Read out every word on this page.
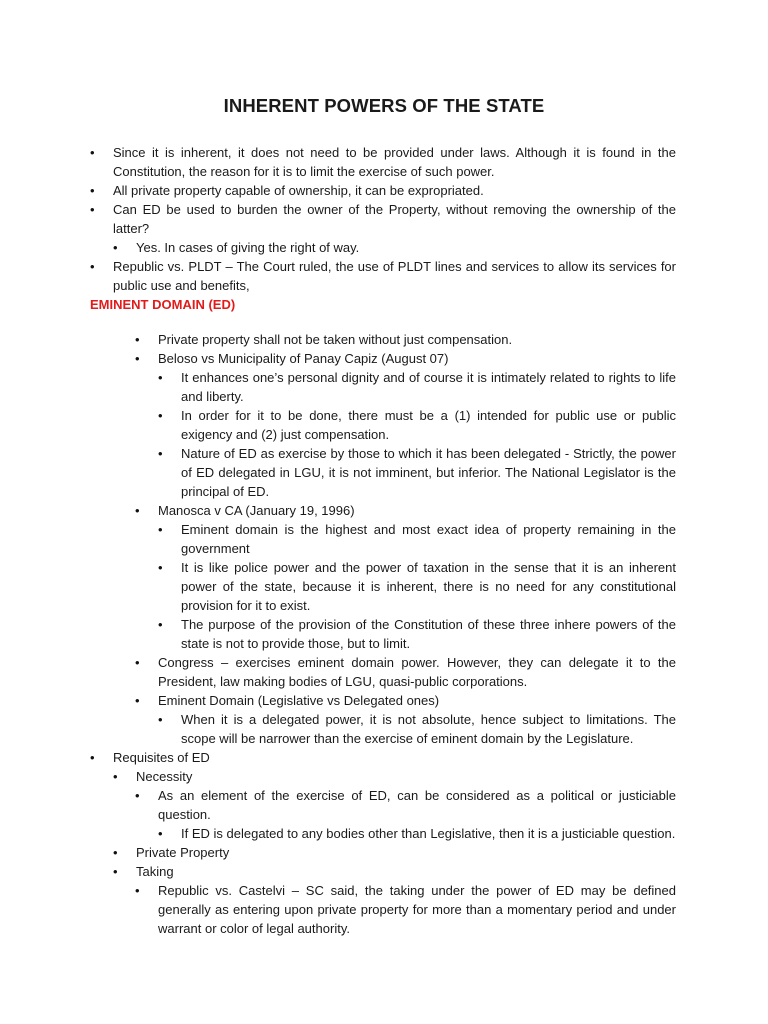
INHERENT POWERS OF THE STATE
• Since it is inherent, it does not need to be provided under laws. Although it is found in the Constitution, the reason for it is to limit the exercise of such power.
• All private property capable of ownership, it can be expropriated.
• Can ED be used to burden the owner of the Property, without removing the ownership of the latter?
• Yes. In cases of giving the right of way.
• Republic vs. PLDT – The Court ruled, the use of PLDT lines and services to allow its services for public use and benefits,
EMINENT DOMAIN (ED)
• Private property shall not be taken without just compensation.
• Beloso vs Municipality of Panay Capiz (August 07)
• It enhances one’s personal dignity and of course it is intimately related to rights to life and liberty.
• In order for it to be done, there must be a (1) intended for public use or public exigency and (2) just compensation.
• Nature of ED as exercise by those to which it has been delegated - Strictly, the power of ED delegated in LGU, it is not imminent, but inferior. The National Legislator is the principal of ED.
• Manosca v CA (January 19, 1996)
• Eminent domain is the highest and most exact idea of property remaining in the government
• It is like police power and the power of taxation in the sense that it is an inherent power of the state, because it is inherent, there is no need for any constitutional provision for it to exist.
• The purpose of the provision of the Constitution of these three inhere powers of the state is not to provide those, but to limit.
• Congress – exercises eminent domain power. However, they can delegate it to the President, law making bodies of LGU, quasi-public corporations.
• Eminent Domain (Legislative vs Delegated ones)
• When it is a delegated power, it is not absolute, hence subject to limitations. The scope will be narrower than the exercise of eminent domain by the Legislature.
• Requisites of ED
• Necessity
• As an element of the exercise of ED, can be considered as a political or justiciable question.
• If ED is delegated to any bodies other than Legislative, then it is a justiciable question.
• Private Property
• Taking
• Republic vs. Castelvi – SC said, the taking under the power of ED may be defined generally as entering upon private property for more than a momentary period and under warrant or color of legal authority.
